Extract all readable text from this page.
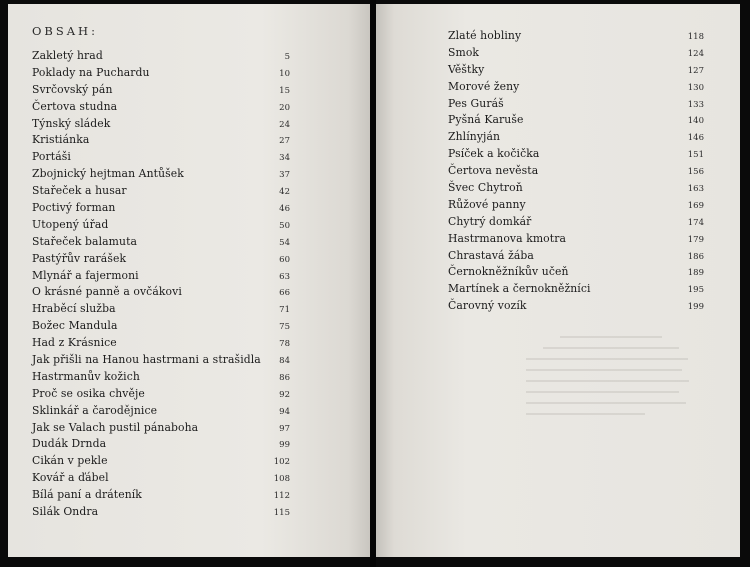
OBSAH:
Zakletý hrad	5
Poklady na Puchardu	10
Svrčovský pán	15
Čertova studna	20
Týnský sládek	24
Kristiánka	27
Portáši	34
Zbojnický hejtman Antůšek	37
Stařeček a husar	42
Poctivý forman	46
Utopený úřad	50
Stařeček balamuta	54
Pastýřův rarášek	60
Mlynář a fajermoni	63
O krásné panně a ovčákovi	66
Hraběcí služba	71
Božec Mandula	75
Had z Krásnice	78
Jak přišli na Hanou hastrmani a strašidla 84
Hastrmanův kožich	86
Proč se osika chvěje	92
Sklinkář a čarodějnice	94
Jak se Valach pustil pánaboha	97
Dudák Drnda	99
Cikán v pekle	102
Kovář a ďábel	108
Bílá paní a dráteník	112
Silák Ondra	115
Zlaté hobliny	118
Smok	124
Věštky	127
Morové ženy	130
Pes Guráš	133
Pyšná Karuše	140
Zhlínyján	146
Psíček a kočička	151
Čertova nevěsta	156
Švec Chytroň	163
Růžové panny	169
Chytrý domkář	174
Hastrmanova kmotra	179
Chrastavá žába	186
Černokněžníkův učeň	189
Martínek a černokněžníci	195
Čarovný vozík	199
